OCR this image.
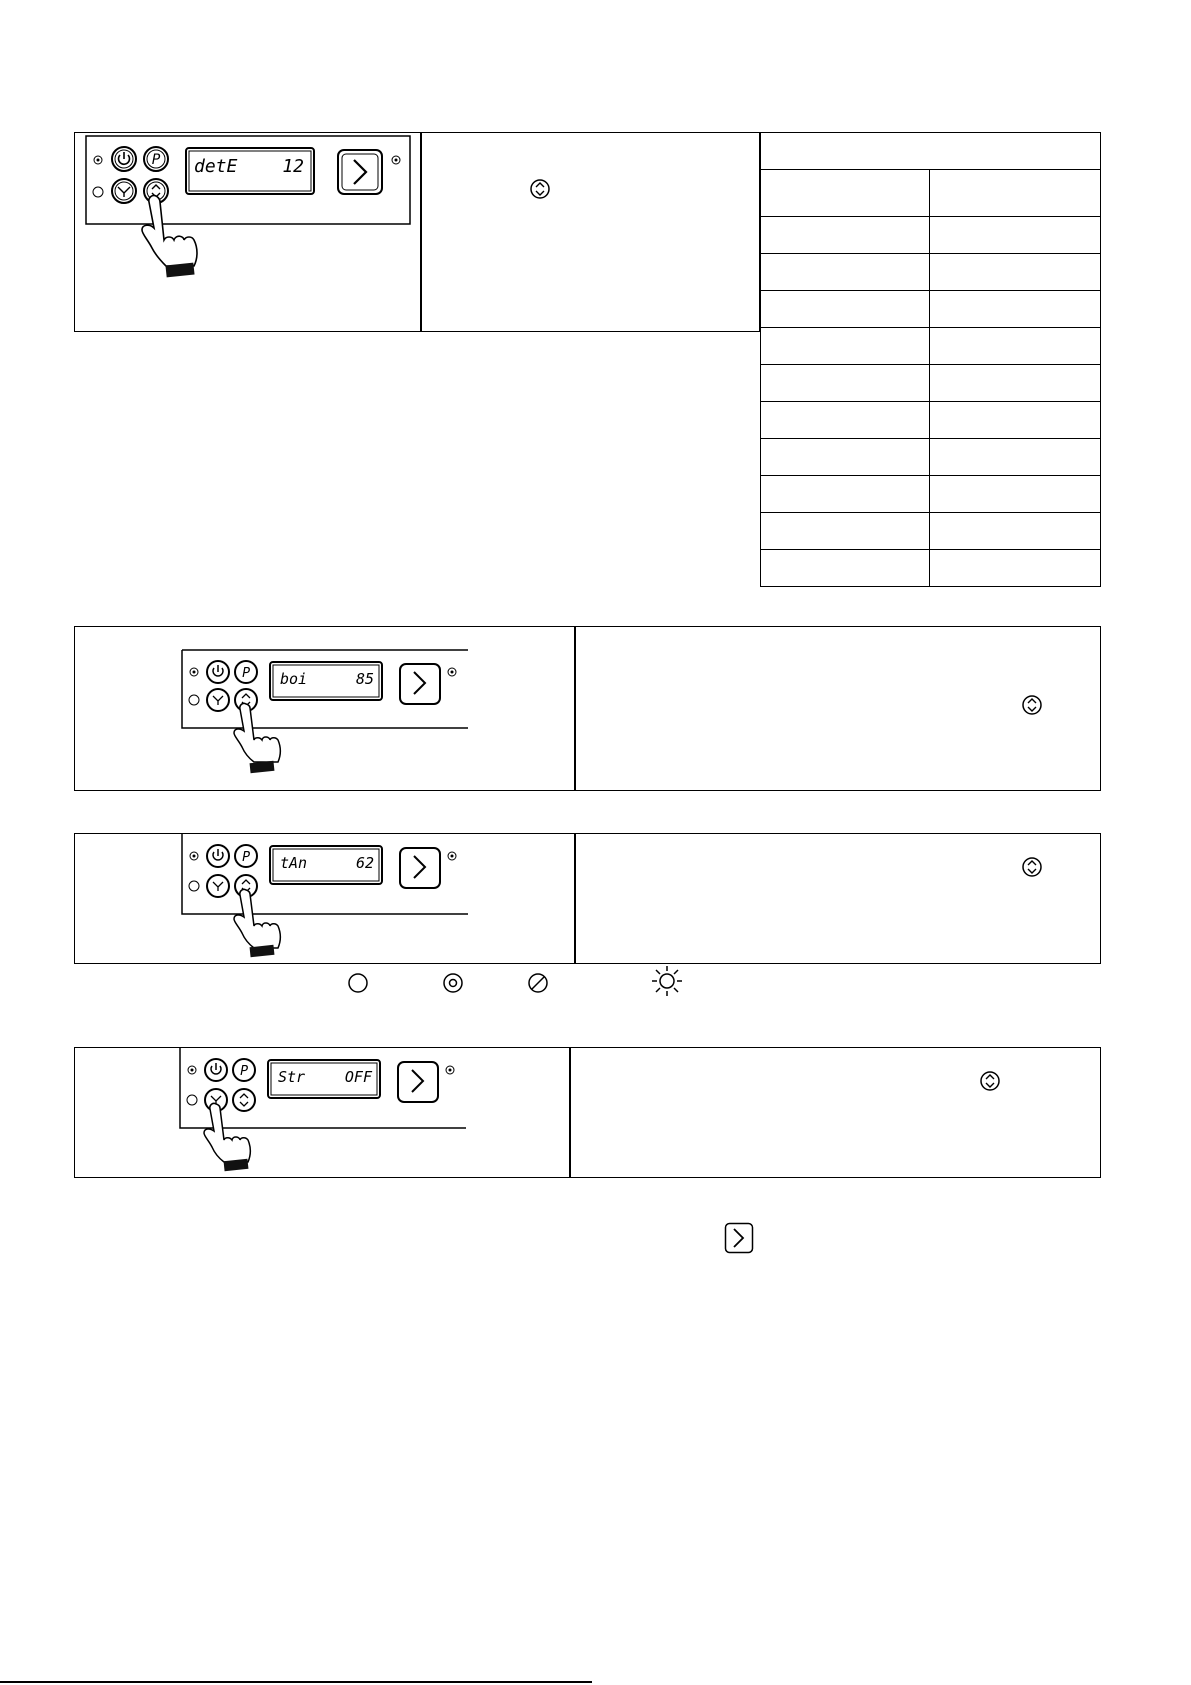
P detE 12

P boi	85
P tAn	62
P Str	OFF
